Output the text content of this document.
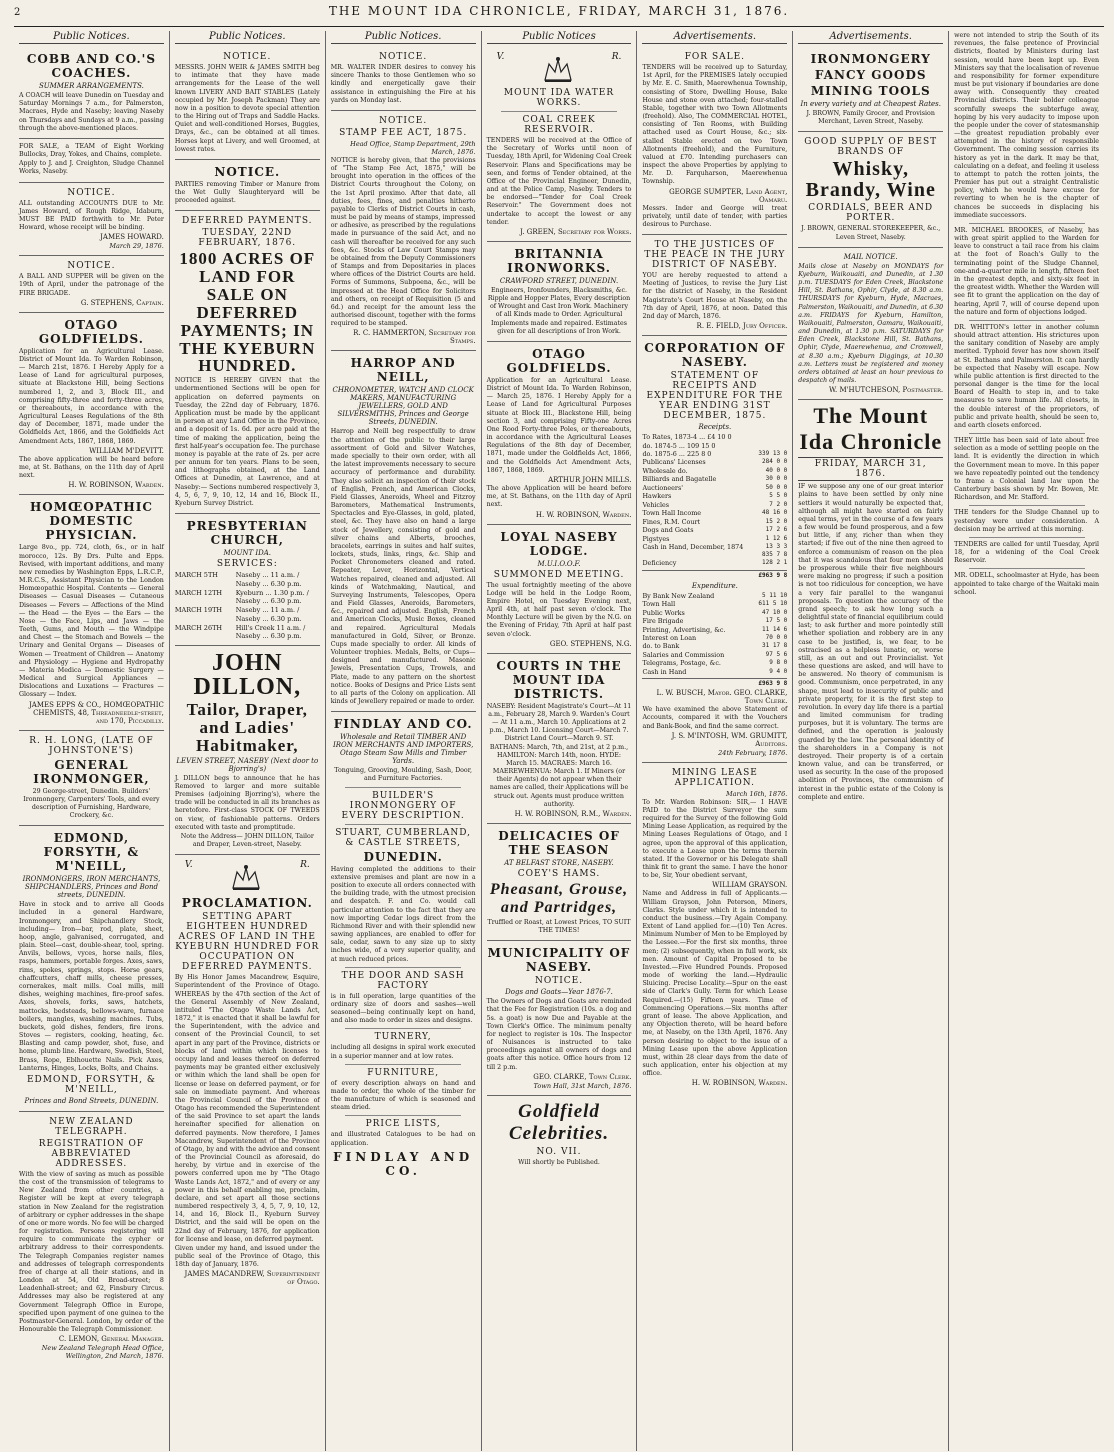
2	THE MOUNT IDA CHRONICLE, FRIDAY, MARCH 31, 1876.
Public Notices.
COBB AND CO.'S COACHES.
SUMMER ARRANGEMENTS.
A COACH will leave Dunedin on Tuesday and Saturday Mornings 7 a.m., for Palmerston, Macraes, Hyde and Naseby; leaving Naseby on Thursdays and Sundays at 9 a.m., passing through the above-mentioned places.
FOR SALE, a TEAM of Eight Working Bullocks, Dray, Yokes, and Chains, complete.
Apply to J. and J. Creighton, Sludge Channel Works, Naseby.
NOTICE.
ALL outstanding ACCOUNTS DUE to Mr. James Howard, of Rough Ridge, Idaburn, MUST BE PAID forthwith to Mr. Peter Howard, whose receipt will be binding.
JAMES HOWARD.
March 29, 1876.
NOTICE.
A BALL AND SUPPER will be given on the 19th of April, under the patronage of the FIRE BRIGADE.
G. STEPHENS, Captain.
OTAGO GOLDFIELDS.
Application for an Agricultural Lease. District of Mount Ida. To Warden Robinson,— March 21st, 1876. I Hereby Apply for a Lease of Land for agricultural purposes, situate at Blackstone Hill, being Sections numbered 1, 2, and 3, Block III., and comprising fifty-three and forty-three acres, or thereabouts, in accordance with the Agricultural Leases Regulations of the 8th day of December, 1871, made under the Goldfields Act, 1866, and the Goldfields Act Amendment Acts, 1867, 1868, 1869.
WILLIAM M'DEVITT.
The above application will be heard before me, at St. Bathans, on the 11th day of April next.
H. W. ROBINSON, Warden.
HOMŒOPATHIC DOMESTIC PHYSICIAN.
Large 8vo., pp. 724, cloth, 6s., or in half morocco, 12s. By Drs. Pulte and Epps. Revised, with important additions, and many new remedies by Washington Epps, L.R.C.P., M.R.C.S., Assistant Physician to the London Homœopathic Hospital. Contents — General Diseases — Casual Diseases — Cutaneous Diseases — Fevers — Affections of the Mind — the Head — the Eyes — the Ears — the Nose — the Face, Lips, and Jaws — the Teeth, Gums, and Mouth — the Windpipe and Chest — the Stomach and Bowels — the Urinary and Genital Organs — Diseases of Women — Treatment of Children — Anatomy and Physiology — Hygiene and Hydropathy — Materia Medica — Domestic Surgery — Medical and Surgical Appliances — Dislocations and Luxations — Fractures — Glossary — Index.
JAMES EPPS & CO., HOMŒOPATHIC CHEMISTS, 48, Threadneedle-street, and 170, Piccadilly.
R. H. LONG, (LATE OF JOHNSTONE'S)
GENERAL IRONMONGER,
29 George-street, Dunedin. Builders' Ironmongery, Carpenters' Tools, and every description of Furnishing, Hardware, Crockery, &c.
EDMOND, FORSYTH, & M'NEILL,
IRONMONGERS, IRON MERCHANTS, SHIPCHANDLERS, Princes and Bond streets, DUNEDIN.
Have in stock and to arrive all Goods included in a general Hardware, Ironmongery, and Shipchandlery Stock, including— Iron—bar, rod, plate, sheet, hoop, angle, galvanised, corrugated, and plain. Steel—cast, double-shear, tool, spring. Anvils, bellows, vyces, horse nails, files, rasps, hammers, portable forges. Axes, saws, rims, spokes, springs, stops. Horse gears, chaffcutters, chaff mills, cheese presses, cornerakes, malt mills. Coal mills, mill dishes, weighing machines, fire-proof safes. Axes, shovels, forks, saws, hatchets, mattocks, bedsteads, bellows-ware, furnace boilers, mangles, washing machines. Tubs, buckets, gold dishes, fenders, fire irons. Stoves — registers, cooking, heating, &c. Blasting and camp powder, shot, fuse, and home, plumb line. Hardware, Swedish, Steel, Brass, Rope, Eblhouette Nails. Pick Axes, Lanterns, Hinges, Locks, Bolts, and Chains.
EDMOND, FORSYTH, & M'NEILL,
Princes and Bond Streets, DUNEDIN.
NEW ZEALAND TELEGRAPH.
REGISTRATION OF ABBREVIATED ADDRESSES.
With the view of saving as much as possible the cost of the transmission of telegrams to New Zealand from other countries, a Register will be kept at every telegraph station in New Zealand for the registration of arbitrary or cypher addresses in the shape of one or more words. No fee will be charged for registration. Persons registering will require to communicate the cypher or arbitrary address to their correspondents. The Telegraph Companies register names and addresses of telegraph correspondents free of charge at all their stations, and in London at 54, Old Broad-street; 8 Leadenhall-street; and 62, Finsbury Circus. Addresses may also be registered at any Government Telegraph Office in Europe, specified upon payment of one guinea to the Postmaster-General. London, by order of the Honourable the Telegraph Commissioner.
C. LEMON, General Manager.
New Zealand Telegraph Head Office, Wellington, 2nd March, 1876.
Public Notices.
NOTICE.
MESSRS. JOHN WEIR & JAMES SMITH beg to intimate that they have made arrangements for the Lease of the well known LIVERY AND BAIT STABLES (Lately occupied by Mr. Joseph Packman) They are now in a position to devote special attention to the Hiring out of Traps and Saddle Hacks. Quiet and well-conditioned Horses, Buggies, Drays, &c., can be obtained at all times. Horses kept at Livery, and well Groomed, at lowest rates.
NOTICE.
PARTIES removing Timber or Manure from the Wet Gully Slaughteryard will be proceeded against.
DEFERRED PAYMENTS.
TUESDAY, 22ND FEBRUARY, 1876.
1800 ACRES OF LAND FOR SALE ON DEFERRED PAYMENTS; IN THE KYEBURN HUNDRED.
NOTICE IS HEREBY GIVEN that the undermentioned Sections will be open for application on deferred payments on Tuesday, the 22nd day of February, 1876. Application must be made by the applicant in person at any Land Office in the Province, and a deposit of 1s. 6d. per acre paid at the time of making the application, being the first half-year's occupation fee. The purchase money is payable at the rate of 2s. per acre per annum for ten years. Plans to be seen, and lithographs obtained, at the Land Offices at Dunedin, at Lawrence, and at Naseby:— Sections numbered respectively 3, 4, 5, 6, 7, 9, 10, 12, 14 and 16, Block II., Kyeburn Survey District.
PRESBYTERIAN CHURCH,
MOUNT IDA.
SERVICES:
MARCH 5TH	Naseby ... 11 a.m. / Naseby ... 6.30 p.m.
MARCH 12TH	Kyeburn ... 1.30 p.m. / Naseby ... 6.30 p.m.
MARCH 19TH	Naseby ... 11 a.m. / Naseby ... 6.30 p.m.
MARCH 26TH	Hill's Creek 11 a.m. / Naseby ... 6.30 p.m.
JOHN DILLON,
Tailor, Draper, and Ladies' Habitmaker,
LEVEN STREET, NASEBY (Next door to Bjorring's)
J. DILLON begs to announce that he has Removed to larger and more suitable Premises (adjoining Bjorring's), where the trade will be conducted in all its branches as heretofore. First-class STOCK OF TWEEDS on view, of fashionable patterns. Orders executed with taste and promptitude.
Note the Address— JOHN DILLON, Tailor and Draper, Leven-street, Naseby.
V.	R.
PROCLAMATION.
SETTING APART EIGHTEEN HUNDRED ACRES OF LAND IN THE KYEBURN HUNDRED FOR OCCUPATION ON DEFERRED PAYMENTS.
By His Honor James Macandrew, Esquire, Superintendent of the Province of Otago. WHEREAS by the 47th section of the Act of the General Assembly of New Zealand, intituled "The Otago Waste Lands Act, 1872," it is enacted that it shall be lawful for the Superintendent, with the advice and consent of the Provincial Council, to set apart in any part of the Province, districts or blocks of land within which licenses to occupy land and leases thereof on deferred payments may be granted either exclusively or within which the land shall be open for license or lease on deferred payment, or for sale on immediate payment. And whereas the Provincial Council of the Province of Otago has recommended the Superintendent of the said Province to set apart the lands hereinafter specified for alienation on deferred payments. Now therefore, I James Macandrew, Superintendent of the Province of Otago, by and with the advice and consent of the Provincial Council as aforesaid, do hereby, by virtue and in exercise of the powers conferred upon me by "The Otago Waste Lands Act, 1872," and of every or any power in this behalf enabling me, proclaim, declare, and set apart all those sections numbered respectively 3, 4, 5, 7, 9, 10, 12, 14, and 16, Block II., Kyeburn Survey District, and the said will be open on the 22nd day of February, 1876, for application for license and lease, on deferred payment.
Given under my hand, and issued under the public seal of the Province of Otago, this 18th day of January, 1876.
JAMES MACANDREW, Superintendent of Otago.
Public Notices.
NOTICE.
MR. WALTER INDER desires to convey his sincere Thanks to those Gentlemen who so kindly and energetically gave their assistance in extinguishing the Fire at his yards on Monday last.
NOTICE.
STAMP FEE ACT, 1875.
Head Office, Stamp Department, 29th March, 1876.
NOTICE is hereby given, that the provisions of "The Stamp Fee Act, 1875," will be brought into operation in the offices of the District Courts throughout the Colony, on the 1st April proximo. After that date, all duties, fees, fines, and penalties hitherto payable to Clerks of District Courts in cash, must be paid by means of stamps, impressed or adhesive, as prescribed by the regulations made in pursuance of the said Act, and no cash will thereafter be received for any such fees, &c. Stocks of Law Court Stamps may be obtained from the Deputy Commissioners of Stamps and from Depositaries in places where offices of the District Courts are held. Forms of Summons, Subpoena, &c., will be impressed at the Head Office for Solicitors and others, on receipt of Requisition (5 and 6d.) and receipt for the amount less the authorised discount, together with the forms required to be stamped.
R. C. HAMMERTON, Secretary for Stamps.
HARROP AND NEILL,
CHRONOMETER, WATCH AND CLOCK MAKERS, MANUFACTURING JEWELLERS, GOLD AND SILVERSMITHS, Princes and George Streets, DUNEDIN.
Harrop and Neill beg respectfully to draw the attention of the public to their large assortment of Gold and Silver Watches, made specially to their own order, with all the latest improvements necessary to secure accuracy of performance and durability. They also solicit an inspection of their stock of English, French, and American Clocks, Field Glasses, Aneroids, Wheel and Fitzroy Barometers, Mathematical Instruments, Spectacles and Eye-Glasses, in gold, plated, steel, &c. They have also on hand a large stock of Jewellery, consisting of gold and silver chains and Alberts, brooches, bracelets, earrings in suites and half suites, lockets, studs, links, rings, &c. Ship and Pocket Chronometers cleaned and rated. Repeater, Lever, Horizontal, Vertical Watches repaired, cleaned and adjusted. All kinds of Watchmaking, Nautical, and Surveying Instruments, Telescopes, Opera and Field Glasses, Aneroids, Barometers, &c., repaired and adjusted. English, French and American Clocks, Music Boxes, cleaned and repaired. Agricultural Medals manufactured in Gold, Silver, or Bronze. Cups made specially to order. All kinds of Volunteer trophies. Medals, Belts, or Cups—designed and manufactured. Masonic Jewels, Presentation Cups, Trowels, and Plate, made to any pattern on the shortest notice. Books of Designs and Price Lists sent to all parts of the Colony on application. All kinds of Jewellery repaired or made to order.
FINDLAY AND CO.
Wholesale and Retail TIMBER AND IRON MERCHANTS AND IMPORTERS, Otago Steam Saw Mills and Timber Yards.
Tonguing, Grooving, Moulding, Sash, Door, and Furniture Factories.
BUILDER'S IRONMONGERY OF EVERY DESCRIPTION.
STUART, CUMBERLAND, & CASTLE STREETS,
DUNEDIN.
Having completed the additions to their extensive premises and plant are now in a position to execute all orders connected with the building trade, with the utmost precision and despatch. F. and Co. would call particular attention to the fact that they are now importing Cedar logs direct from the Richmond River and with their splendid new sawing appliances, are enabled to offer for sale, cedar, sawn to any size up to sixty inches wide, of a very superior quality, and at much reduced prices.
THE DOOR AND SASH FACTORY
is in full operation, large quantities of the ordinary size of doors and sashes—well seasoned—being continually kept on hand, and also made to order in sizes and designs.
TURNERY,
including all designs in spiral work executed in a superior manner and at low rates.
FURNITURE,
of every description always on hand and made to order, the whole of the timber for the manufacture of which is seasoned and steam dried.
PRICE LISTS,
and illustrated Catalogues to be had on application.
FINDLAY AND CO.
Public Notices
V.	R.
MOUNT IDA WATER WORKS.
COAL CREEK RESERVOIR.
TENDERS will be received at the Office of the Secretary of Works until noon of Tuesday, 18th April, for Widening Coal Creek Reservoir. Plans and Specifications may be seen, and forms of Tender obtained, at the Office of the Provincial Engineer, Dunedin, and at the Police Camp, Naseby. Tenders to be endorsed—"Tender for Coal Creek Reservoir." The Government does not undertake to accept the lowest or any tender.
J. GREEN, Secretary for Works.
BRITANNIA IRONWORKS.
CRAWFORD STREET, DUNEDIN.
Engineers, Ironfounders, Blacksmiths, &c. Ripple and Hopper Plates, Every description of Wrought and Cast Iron Work. Machinery of all Kinds made to Order. Agricultural Implements made and repaired. Estimates given for all descriptions of Iron Work.
OTAGO GOLDFIELDS.
Application for an Agricultural Lease. District of Mount Ida. To Warden Robinson,— March 25, 1876. I Hereby Apply for a Lease of Land for Agricultural Purposes situate at Block III., Blackstone Hill, being section 3, and comprising Fifty-one Acres One Rood Forty-three Poles, or thereabouts, in accordance with the Agricultural Leases Regulations of the 8th day of December, 1871, made under the Goldfields Act, 1866, and the Goldfields Act Amendment Acts, 1867, 1868, 1869.
ARTHUR JOHN MILLS.
The above Application will be heard before me, at St. Bathans, on the 11th day of April next.
H. W. ROBINSON, Warden.
LOYAL NASEBY LODGE.
M.U.I.O.O.F.
SUMMONED MEETING.
The usual fortnightly meeting of the above Lodge will be held in the Lodge Room, Empire Hotel, on Tuesday Evening next, April 4th, at half past seven o'clock. The Monthly Lecture will be given by the N.G. on the Evening of Friday, 7th April at half past seven o'clock.
GEO. STEPHENS, N.G.
COURTS IN THE MOUNT IDA DISTRICTS.
NASEBY: Resident Magistrate's Court—At 11 a.m., February 28, March 9. Warden's Court — At 11 a.m., March 10. Applications at 2 p.m., March 10. Licensing Court—March 7. District Land Court—March 9. ST. BATHANS: March, 7th, and 21st, at 2 p.m., HAMILTON: March 14th, noon. HYDE: March 15. MACRAES: March 16. MAEREWHENUA: March 1. If Miners (or their Agents) do not appear when their names are called, their Applications will be struck out. Agents must produce written authority.
H. W. ROBINSON, R.M., Warden.
DELICACIES OF THE SEASON
AT BELFAST STORE, NASEBY.
COEY'S HAMS.
Pheasant, Grouse, and Partridges,
Truffled or Roast, at Lowest Prices, TO SUIT THE TIMES!
MUNICIPALITY OF NASEBY.
NOTICE.
Dogs and Goats—Year 1876-7.
The Owners of Dogs and Goats are reminded that the Fee for Registration (10s. a dog and 5s. a goat) is now Due and Payable at the Town Clerk's Office. The minimum penalty for neglect to register is 10s. The Inspector of Nuisances is instructed to take proceedings against all owners of dogs and goats after this notice. Office hours from 12 till 2 p.m.
GEO. CLARKE, Town Clerk.
Town Hall, 31st March, 1876.
Goldfield Celebrities.
NO. VII.
Will shortly be Published.
Advertisements.
FOR SALE.
TENDERS will be received up to Saturday, 1st April, for the PREMISES lately occupied by Mr. E. C. Smith, Maerewhenua Township, consisting of Store, Dwelling House, Bake House and stone oven attached; four-stalled Stable, together with two Town Allotments (freehold). Also, The COMMERCIAL HOTEL, consisting of Ten Rooms, with Building attached used as Court House, &c.; six-stalled Stable erected on two Town Allotments (freehold), and the Furniture, valued at £70. Intending purchasers can inspect the above Properties by applying to Mr. D. Farquharson, Maerewhenua Township.
GEORGE SUMPTER, Land Agent, Oamaru.
Messrs. Inder and George will treat privately, until date of tender, with parties desirous to Purchase.
TO THE JUSTICES OF THE PEACE IN THE JURY DISTRICT OF NASEBY.
YOU are hereby requested to attend a Meeting of Justices, to revise the Jury List for the district of Naseby, in the Resident Magistrate's Court House at Naseby, on the 7th day of April, 1876, at noon. Dated this 2nd day of March, 1876.
R. E. FIELD, Jury Officer.
CORPORATION OF NASEBY.
STATEMENT OF RECEIPTS AND EXPENDITURE FOR THE YEAR ENDING 31ST DECEMBER, 1875.
Receipts.
To Rates, 1873-4 ... £4 10 0
do. 1874-5 ... 109 15 0
do. 1875-6 ... 225 8 0	339 13 0
Publicans' Licenses	284 0 0
Wholesale do.	40 0 0
Billiards and Bagatelle	30 0 0
Auctioneers'	50 0 0
Hawkers	5 5 0
Vehicles	7 2 0
Town Hall Income	48 16 0
Fines, R.M. Court	15 2 0
Dogs and Goats	17 2 6
Pigstyes	1 12 6
Cash in Hand, December, 1874	13 3 3
835 7 8
Deficiency	128 2 1
£963 9 8
Expenditure.
By Bank New Zealand	5 11 10
Town Hall	611 5 10
Public Works	47 10 0
Fire Brigade	17 5 0
Printing, Advertising, &c.	11 14 6
Interest on Loan	70 0 0
do. to Bank	31 17 8
Salaries and Commission	97 5 6
Telegrams, Postage, &c.	9 8 0
Cash in Hand	9 4 0
£963 9 8
L. W. BUSCH, Mayor. GEO. CLARKE, Town Clerk.
We have examined the above Statement of Accounts, compared it with the Vouchers and Bank-Book, and find the same correct.
J. S. M'INTOSH, WM. GRUMITT, Auditors.
24th February, 1876.
MINING LEASE APPLICATION.
March 16th, 1876.
To Mr. Warden Robinson: SIR,— I HAVE PAID to the District Surveyor the sum required for the Survey of the following Gold Mining Lease Application, as required by the Mining Leases Regulations of Otago, and I agree, upon the approval of this application, to execute a Lease upon the terms therein stated. If the Governor or his Delegate shall think fit to grant the same. I have the honor to be, Sir, Your obedient servant,
WILLIAM GRAYSON.
Name and Address in full of Applicants.—William Grayson, John Peterson, Miners, Clarks. Style under which it is intended to conduct the business.—Try Again Company. Extent of Land applied for.—(10) Ten Acres. Minimum Number of Men to be Employed by the Lessee.—For the first six months, three men; (2) subsequently, when in full work, six men. Amount of Capital Proposed to be Invested.—Five Hundred Pounds. Proposed mode of working the land.—Hydraulic Sluicing. Precise Locality.—Spur on the east side of Clark's Gully. Term for which Lease Required.—(15) Fifteen years. Time of Commencing Operations.—Six months after grant of lease. The above Application, and any Objection thereto, will be heard before me, at Naseby, on the 13th April, 1876. Any person desiring to object to the issue of a Mining Lease upon the above Application must, within 28 clear days from the date of such application, enter his objection at my office.
H. W. ROBINSON, Warden.
Advertisements.
IRONMONGERY
FANCY GOODS
MINING TOOLS
In every variety and at Cheapest Rates.
J. BROWN, Family Grocer, and Provision Merchant, Leven Street, Naseby.
GOOD SUPPLY OF BEST BRANDS OF
Whisky, Brandy, Wine
CORDIALS, BEER AND PORTER.
J. BROWN, GENERAL STOREKEEPER, &c., Leven Street, Naseby.
MAIL NOTICE.
Mails close at Naseby on MONDAYS for Kyeburn, Waikouaiti, and Dunedin, at 1.30 p.m. TUESDAYS for Eden Creek, Blackstone Hill, St. Bathans, Ophir, Clyde, at 8.30 a.m. THURSDAYS for Kyeburn, Hyde, Macraes, Palmerston, Waikouaiti, and Dunedin, at 6.30 a.m. FRIDAYS for Kyeburn, Hamilton, Waikouaiti, Palmerston, Oamaru, Waikouaiti, and Dunedin, at 1.30 p.m. SATURDAYS for Eden Creek, Blackstone Hill, St. Bathans, Ophir, Clyde, Maerewhenua, and Cromwell, at 8.30 a.m.; Kyeburn Diggings, at 10.30 a.m. Letters must be registered and money orders obtained at least an hour previous to despatch of mails.
W. M'HUTCHESON, Postmaster.
The Mount Ida Chronicle
FRIDAY, MARCH 31, 1876.
IF we suppose any one of our great interior plains to have been settled by only nine settlers it would naturally be expected that, although all might have started on fairly equal terms, yet in the course of a few years a few would be found prosperous, and a few but little, if any, richer than when they started; if five out of the nine then agreed to enforce a communism of reason on the plea that it was scandalous that four men should be prosperous while their five neighbours were making no progress; if such a position is not too ridiculous for conception, we have a very fair parallel to the wanganui proposals. To question the accuracy of the grand speech; to ask how long such a delightful state of financial equilibrium could last; to ask further and more pointedly still whether spoliation and robbery are in any case to be justified, is, we fear, to be ostracised as a helpless lunatic, or, worse still, as an out and out Provincialist. Yet these questions are asked, and will have to be answered. No theory of communism is good. Communism, once perpetrated, in any shape, must lead to insecurity of public and private property, for it is the first step to revolution. In every day life there is a partial and limited communism for trading purposes, but it is voluntary. The terms are defined, and the operation is jealously guarded by the law. The personal identity of the shareholders in a Company is not destroyed. Their property is of a certain known value, and can be transferred, or used as security. In the case of the proposed abolition of Provinces, the communism of interest in the public estate of the Colony is complete and entire.
were not intended to strip the South of its revenues, the false pretence of Provincial districts, floated by Ministers during last session, would have been kept up. Even Ministers say that the localisation of revenue and responsibility for former expenditure must be put visionary if boundaries are done away with. Consequently they created Provincial districts. Their bolder colleague scornfully sweeps the subterfuge away, hoping by his very audacity to impose upon the people under the cover of statesmanship—the greatest repudiation probably ever attempted in the history of responsible Government. The coming session carries its history as yet in the dark. It may be that, calculating on a defeat, and feeling it useless to attempt to patch the rotten joints, the Premier has put out a straight Centralistic policy, which he would have excuse for reverting to when he is the chapter of chances be succeeds in displacing his immediate successors.
MR. MICHAEL BROOKES, of Naseby, has with great spirit applied to the Warden for leave to construct a tail race from his claim at the foot of Roach's Gully to the terminating point of the Sludge Channel, one-and-a-quarter mile in length, fifteen feet in the greatest depth, and sixty-six feet in the greatest width. Whether the Warden will see fit to grant the application on the day of hearing, April 7, will of course depend upon the nature and form of objections lodged.
DR. WHITTON's letter in another column should attract attention. His strictures upon the sanitary condition of Naseby are amply merited. Typhoid fever has now shown itself at St. Bathans and Palmerston. It can hardly be expected that Naseby will escape. Now while public attention is first directed to the personal danger is the time for the local Board of Health to step in, and to take measures to save human life. All closets, in the double interest of the proprietors, of public and private health, should be seen to, and earth closets enforced.
THEY little has been said of late about free selection as a mode of settling people on the land. It is evidently the direction in which the Government mean to move. In this paper we have repeatedly pointed out the tendency to frame a Colonial land law upon the Canterbury basis shown by Mr. Bowen, Mr. Richardson, and Mr. Stafford.
THE tenders for the Sludge Channel up to yesterday were under consideration. A decision may be arrived at this morning.
TENDERS are called for until Tuesday, April 18, for a widening of the Coal Creek Reservoir.
MR. ODELL, schoolmaster at Hyde, has been appointed to take charge of the Waitaki main school.
